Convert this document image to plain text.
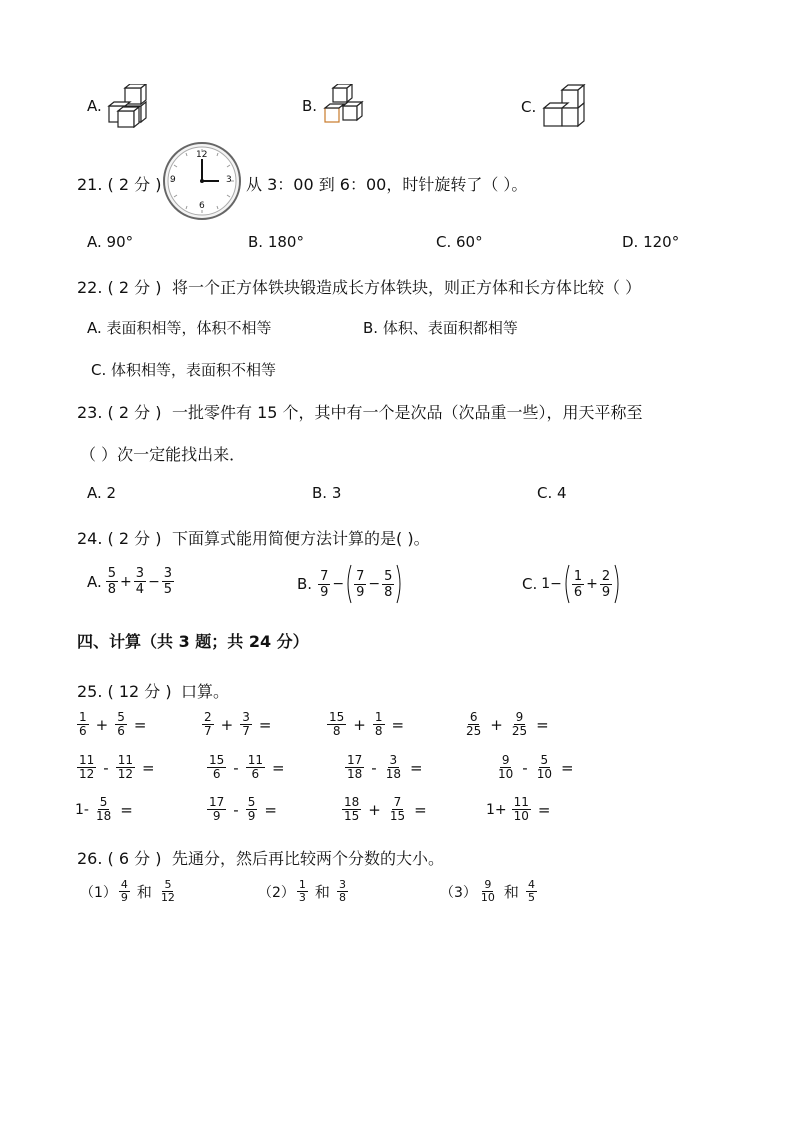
A.	B.	C.
21. ( 2 分 )
12
3
6
9	从 3：00 到 6：00，时针旋转了（ ）。
A. 90°	B. 180°	C. 60°	D. 120°
22. ( 2 分 ) 将一个正方体铁块锻造成长方体铁块，则正方体和长方体比较（ ）
A. 表面积相等，体积不相等	B. 体积、表面积都相等
C. 体积相等，表面积不相等
23. ( 2 分 ) 一批零件有 15 个，其中有一个是次品（次品重一些），用天平称至
（ ）次一定能找出来．
A. 2	B. 3	C. 4
24. ( 2 分 ) 下面算式能用简便方法计算的是( )。
A. $\frac{5}{8} + \frac{3}{4} - \frac{3}{5}$	B. $\frac{7}{9} - \frac{7}{9} - \frac{5}{8}$	C. $1- \frac{1}{6} + \frac{2}{9}$
四、计算（共 3 题；共 24 分）
25. ( 12 分 ) 口算。
$\frac{1}{6} + \frac{5}{6}$ =	$\frac{2}{7} + \frac{3}{7}$ =	$\frac{15}{8} + \frac{1}{8}$ =	$\frac{6}{25} + \frac{9}{25}$ =
$\frac{11}{12} - \frac{11}{12}$ =	$\frac{15}{6} - \frac{11}{6}$ =	$\frac{17}{18} - \frac{3}{18}$ =	$\frac{9}{10} - \frac{5}{10}$ =
$1- \frac{5}{18}$ =	$\frac{17}{9} - \frac{5}{9}$ =	$\frac{18}{15} + \frac{7}{15}$ =	$1+ \frac{11}{10}$ =
26. ( 6 分 ) 先通分，然后再比较两个分数的大小。
$(1) \frac{4}{9}$ 和 $\frac{5}{12}$	$(2) \frac{1}{3}$ 和 $\frac{3}{8}$	$(3) \frac{9}{10}$ 和 $\frac{4}{5}$
